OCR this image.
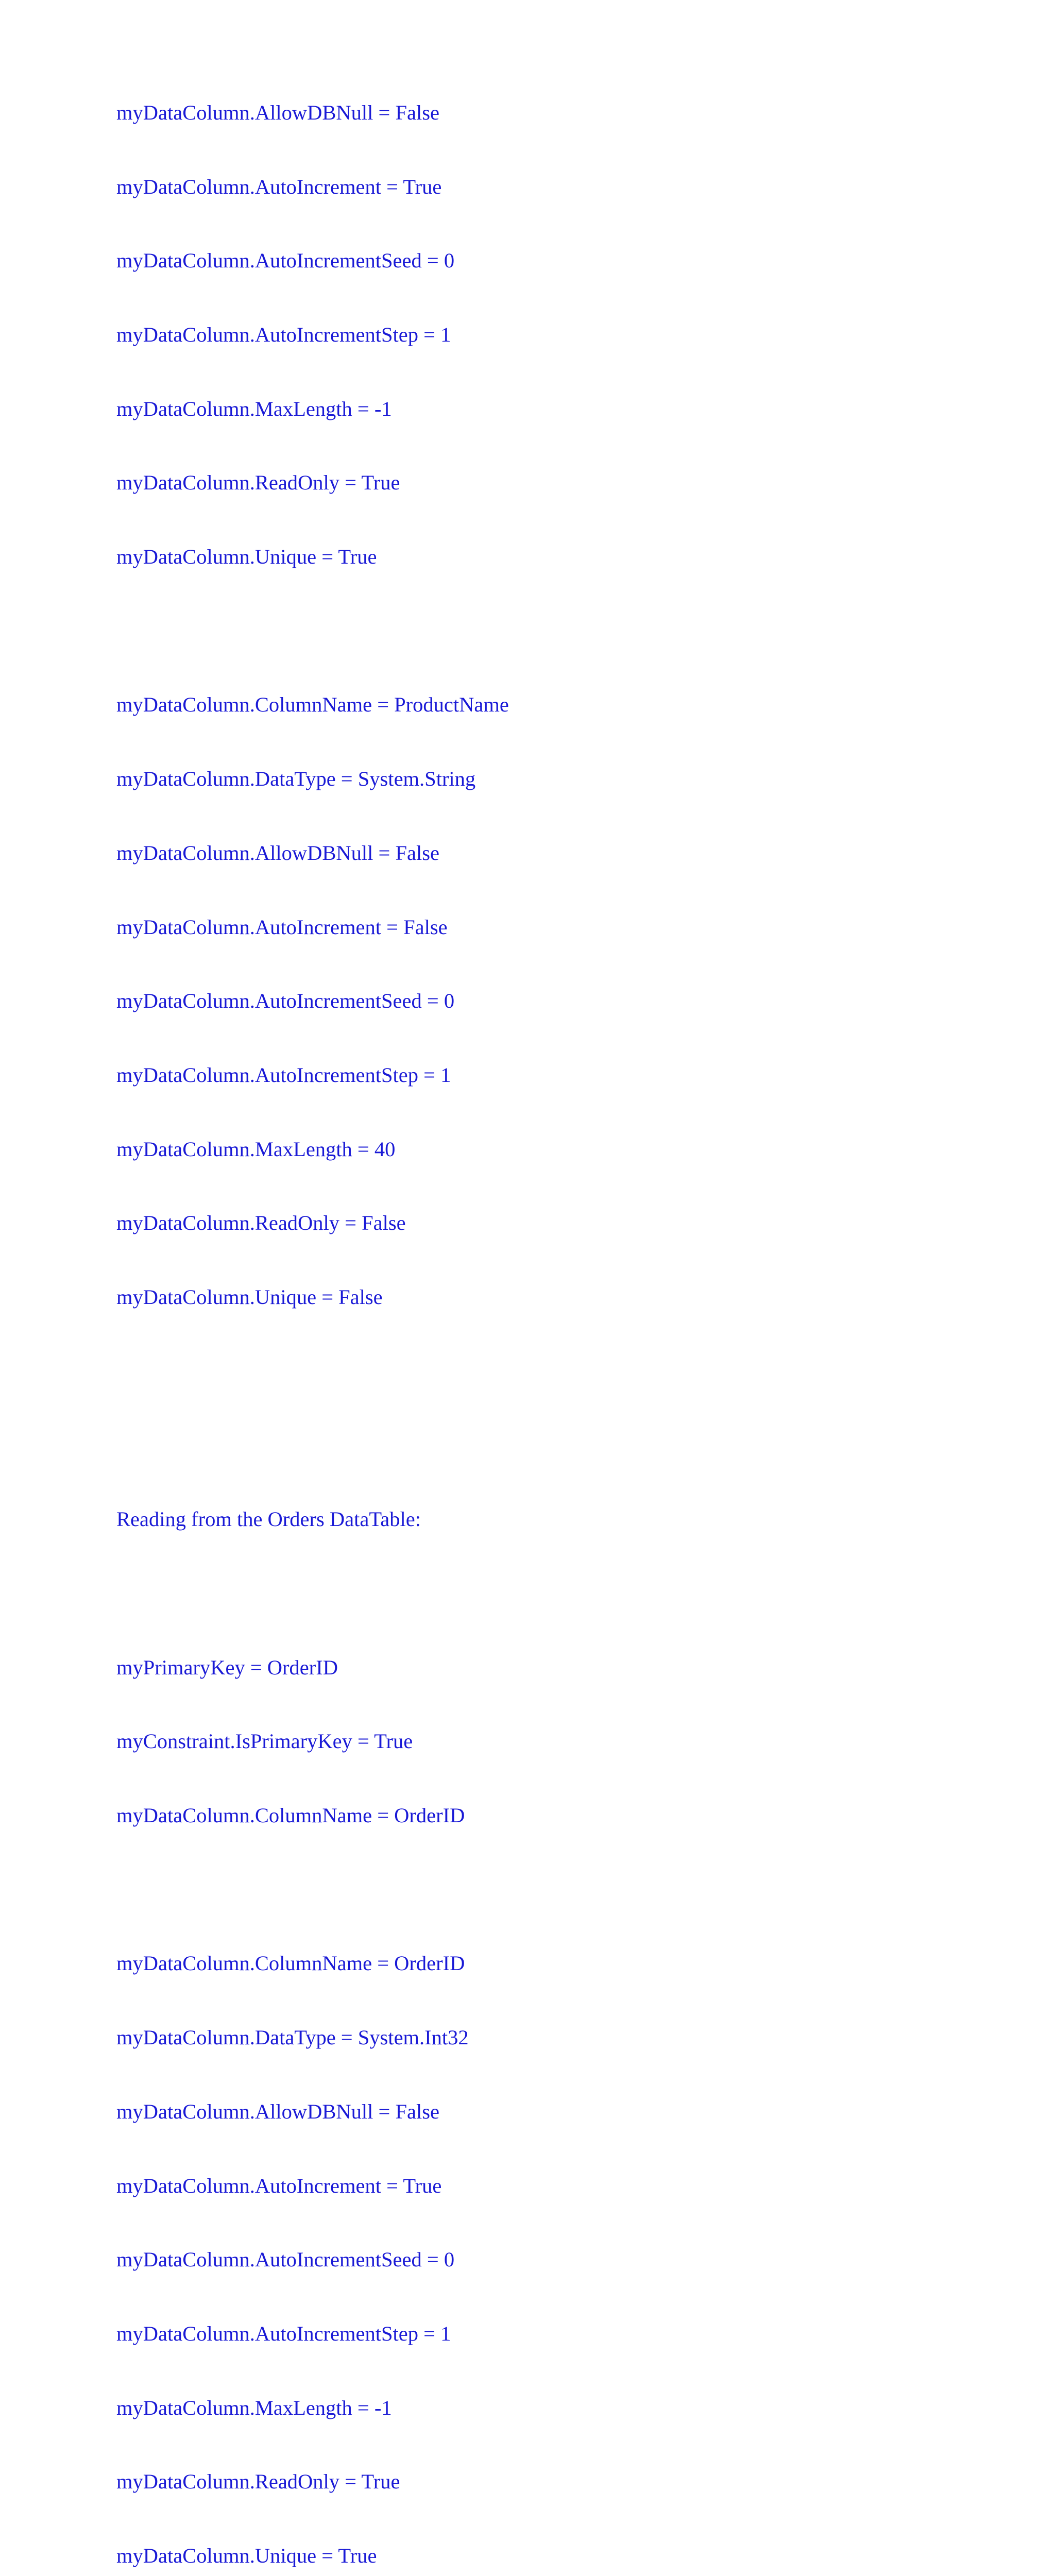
myDataColumn.AllowDBNull = False

myDataColumn.AutoIncrement = True

myDataColumn.AutoIncrementSeed = 0

myDataColumn.AutoIncrementStep = 1

myDataColumn.MaxLength = -1

myDataColumn.ReadOnly = True

myDataColumn.Unique = True

myDataColumn.ColumnName = ProductName

myDataColumn.DataType = System.String

myDataColumn.AllowDBNull = False

myDataColumn.AutoIncrement = False

myDataColumn.AutoIncrementSeed = 0

myDataColumn.AutoIncrementStep = 1

myDataColumn.MaxLength = 40

myDataColumn.ReadOnly = False

myDataColumn.Unique = False

Reading from the Orders DataTable:

myPrimaryKey = OrderID

myConstraint.IsPrimaryKey = True

myDataColumn.ColumnName = OrderID

myDataColumn.ColumnName = OrderID

myDataColumn.DataType = System.Int32

myDataColumn.AllowDBNull = False

myDataColumn.AutoIncrement = True

myDataColumn.AutoIncrementSeed = 0

myDataColumn.AutoIncrementStep = 1

myDataColumn.MaxLength = -1

myDataColumn.ReadOnly = True

myDataColumn.Unique = True
